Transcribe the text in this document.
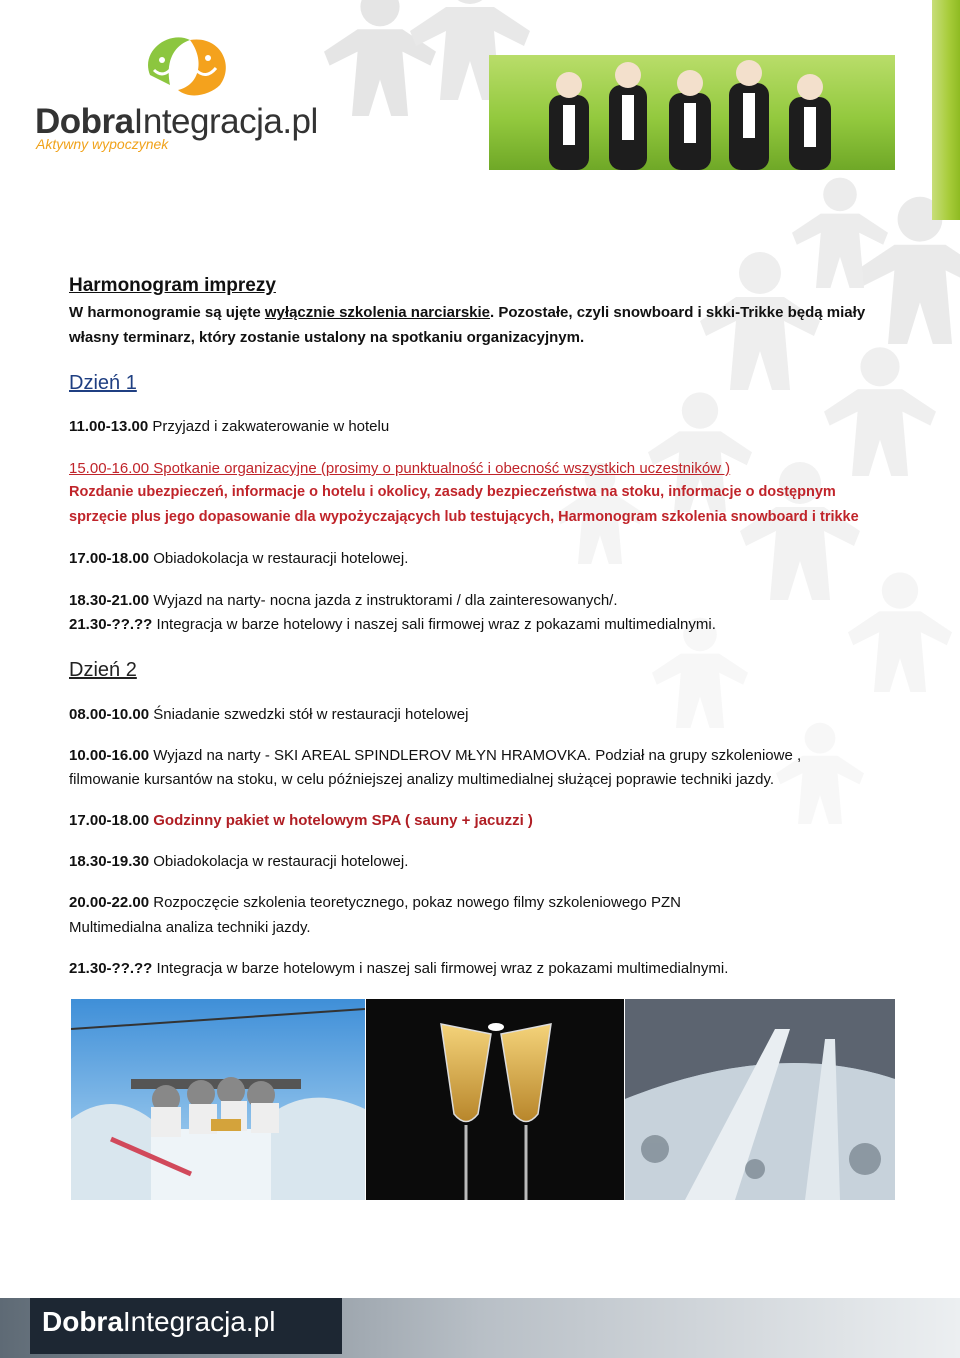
DobraIntegracja.pl
Aktywny wypoczynek
Harmonogram imprezy
W harmonogramie są ujęte wyłącznie szkolenia narciarskie. Pozostałe, czyli snowboard i skki-Trikke będą miały
własny terminarz, który zostanie ustalony na spotkaniu organizacyjnym.
Dzień 1
11.00-13.00 Przyjazd i zakwaterowanie w hotelu
15.00-16.00 Spotkanie organizacyjne (prosimy o punktualność i obecność wszystkich uczestników )
Rozdanie ubezpieczeń, informacje o hotelu i okolicy, zasady bezpieczeństwa na stoku, informacje o dostępnym
sprzęcie plus jego dopasowanie dla wypożyczających lub testujących, Harmonogram szkolenia snowboard i trikke
17.00-18.00 Obiadokolacja w restauracji hotelowej.
18.30-21.00 Wyjazd na narty- nocna jazda z instruktorami / dla zainteresowanych/.
21.30-??.?? Integracja w barze hotelowy i naszej sali firmowej wraz z pokazami multimedialnymi.
Dzień 2
08.00-10.00 Śniadanie szwedzki stół w restauracji hotelowej
10.00-16.00 Wyjazd na narty - SKI AREAL SPINDLEROV MŁYN HRAMOVKA. Podział na grupy szkoleniowe ,
filmowanie kursantów na stoku, w celu późniejszej analizy multimedialnej służącej poprawie techniki jazdy.
17.00-18.00 Godzinny pakiet w hotelowym SPA ( sauny + jacuzzi )
18.30-19.30 Obiadokolacja w restauracji hotelowej.
20.00-22.00 Rozpoczęcie szkolenia teoretycznego, pokaz nowego filmy szkoleniowego PZN
Multimedialna analiza techniki jazdy.
21.30-??.?? Integracja w barze hotelowym i naszej sali firmowej wraz z pokazami multimedialnymi.
DobraIntegracja.pl
